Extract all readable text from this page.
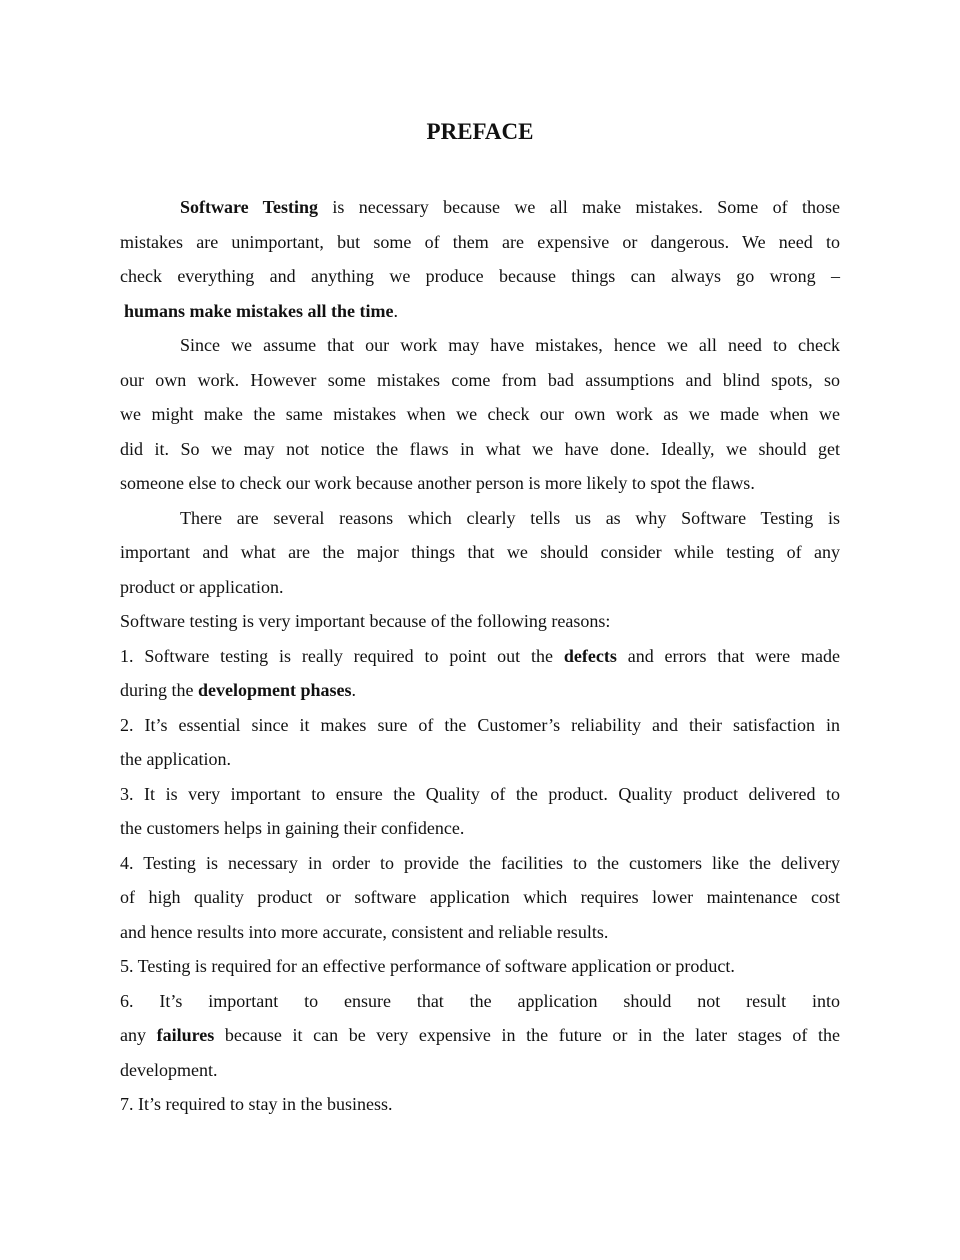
PREFACE
Software Testing is necessary because we all make mistakes. Some of those
mistakes are unimportant, but some of them are expensive or dangerous. We need to
check everything and anything we produce because things can always go wrong –
humans make mistakes all the time.
Since we assume that our work may have mistakes, hence we all need to check
our own work. However some mistakes come from bad assumptions and blind spots, so
we might make the same mistakes when we check our own work as we made when we
did it. So we may not notice the flaws in what we have done. Ideally, we should get
someone else to check our work because another person is more likely to spot the flaws.
There are several reasons which clearly tells us as why Software Testing is
important and what are the major things that we should consider while testing of any
product or application.
Software testing is very important because of the following reasons:
1. Software testing is really required to point out the defects and errors that were made
during the development phases.
2. It’s essential since it makes sure of the Customer’s reliability and their satisfaction in
the application.
3. It is very important to ensure the Quality of the product. Quality product delivered to
the customers helps in gaining their confidence.
4. Testing is necessary in order to provide the facilities to the customers like the delivery
of high quality product or software application which requires lower maintenance cost
and hence results into more accurate, consistent and reliable results.
5. Testing is required for an effective performance of software application or product.
6. It’s important to ensure that the application should not result into
any failures because it can be very expensive in the future or in the later stages of the
development.
7. It’s required to stay in the business.
